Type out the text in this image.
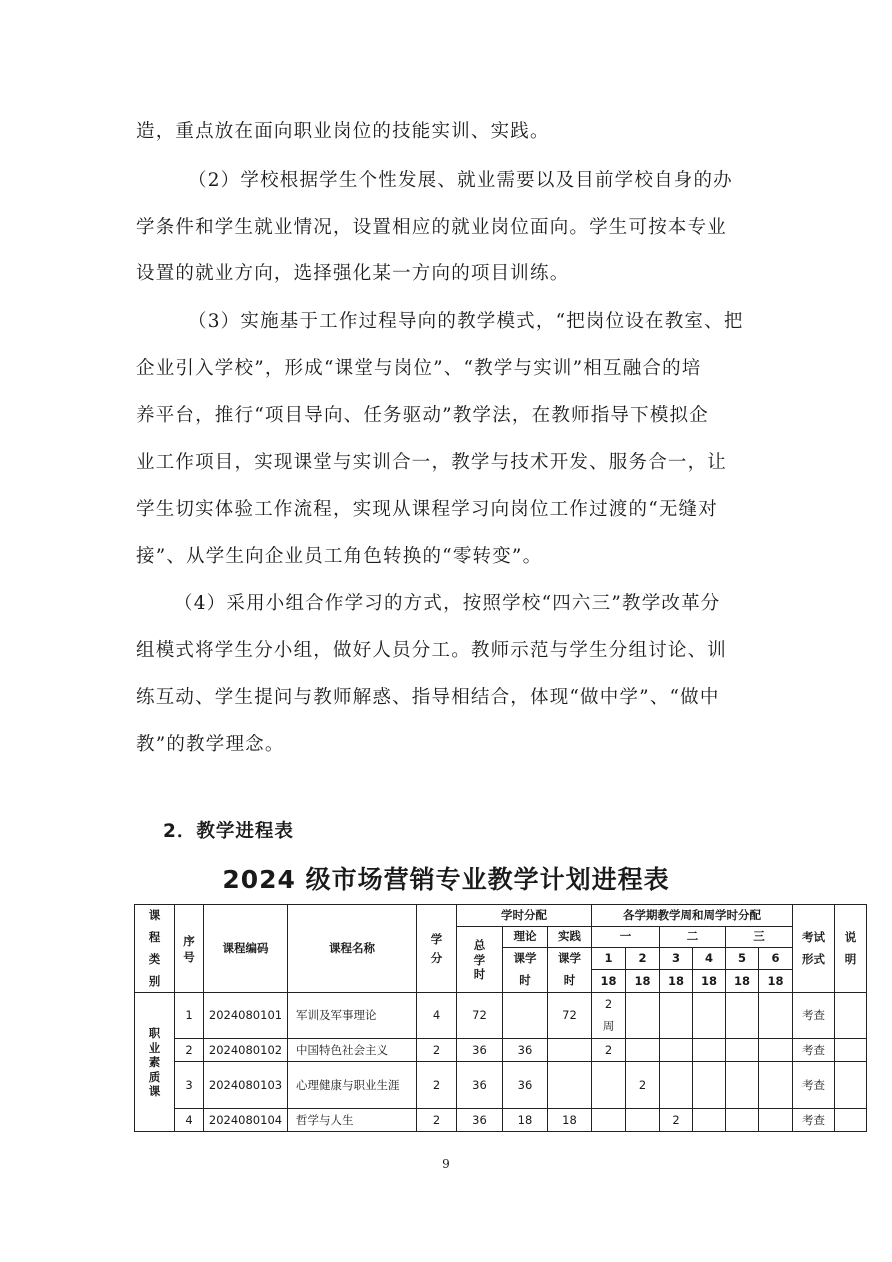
造，重点放在面向职业岗位的技能实训、实践。
（2）学校根据学生个性发展、就业需要以及目前学校自身的办
学条件和学生就业情况，设置相应的就业岗位面向。学生可按本专业
设置的就业方向，选择强化某一方向的项目训练。
（3）实施基于工作过程导向的教学模式，“把岗位设在教室、把
企业引入学校”，形成“课堂与岗位”、“教学与实训”相互融合的培
养平台，推行“项目导向、任务驱动”教学法，在教师指导下模拟企
业工作项目，实现课堂与实训合一，教学与技术开发、服务合一，让
学生切实体验工作流程，实现从课程学习向岗位工作过渡的“无缝对
接”、从学生向企业员工角色转换的“零转变”。
（4）采用小组合作学习的方式，按照学校“四六三”教学改革分
组模式将学生分小组，做好人员分工。教师示范与学生分组讨论、训
练互动、学生提问与教师解惑、指导相结合，体现“做中学”、“做中
教”的教学理念。
2．教学进程表
2024 级市场营销专业教学计划进程表
课程类别	序号	课程编码	课程名称	学分	学时分配			各学期教学周和周学时分配						考试形式	说明

					总学时	理论	实践	一		二		三			
						课学	课学	1	2	3	4	5	6		
						时	时	18	18	18	18	18	18		

职业素质课	1	2024080101	军训及军事理论	4	72		72	2周						考查	
	2	2024080102	中国特色社会主义	2	36	36		2						考查	
	3	2024080103	心理健康与职业生涯	2	36	36			2					考查	
	4	2024080104	哲学与人生	2	36	18	18			2				考查	
9
